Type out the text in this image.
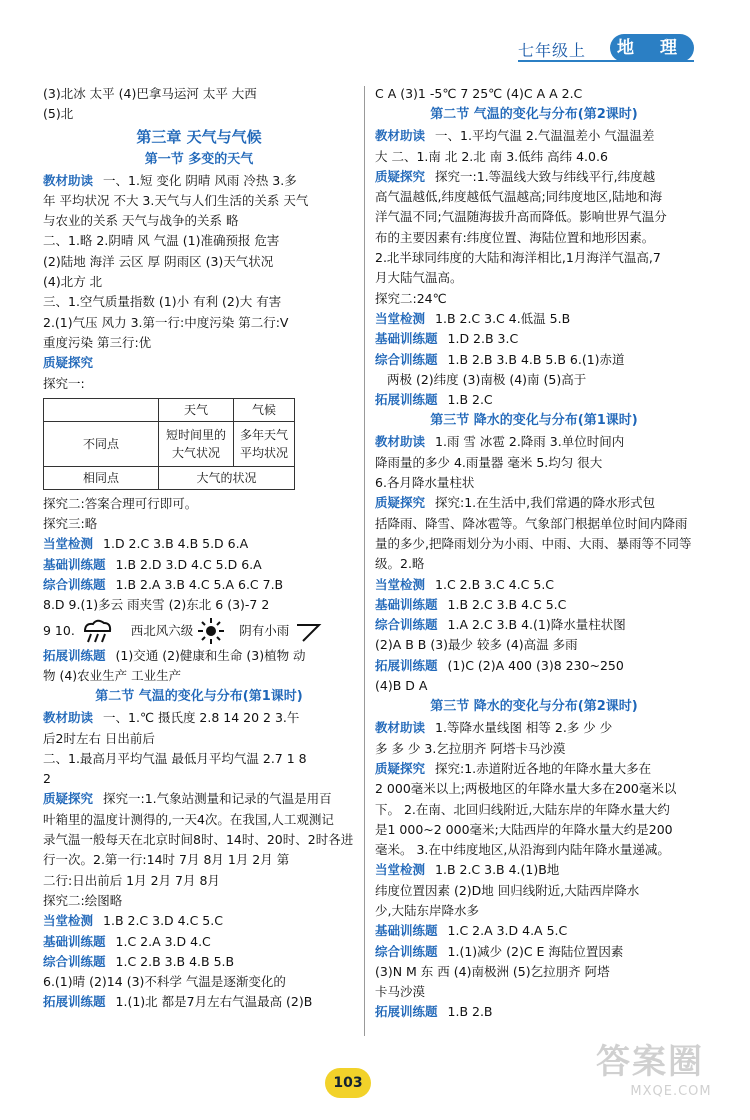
七年级上	地 理
(3)北冰 太平 (4)巴拿马运河 太平 大西
(5)北
第三章 天气与气候
第一节 多变的天气
教材助读 一、1.短 变化 阴晴 风雨 冷热 3.多
年 平均状况 不大 3.天气与人们生活的关系 天气
与农业的关系 天气与战争的关系 略
二、1.略 2.阴晴 风 气温 (1)准确预报 危害
(2)陆地 海洋 云区 厚 阴雨区 (3)天气状况
(4)北方 北
三、1.空气质量指数 (1)小 有利 (2)大 有害
2.(1)气压 风力 3.第一行:中度污染 第二行:Ⅴ
重度污染 第三行:优
质疑探究
探究一:
	天气	气候
不同点	短时间里的
大气状况	多年天气
平均状况
相同点	大气的状况	
探究二:答案合理可行即可。
探究三:略
当堂检测 1.D 2.C 3.B 4.B 5.D 6.A
基础训练题 1.B 2.D 3.D 4.C 5.D 6.A
综合训练题 1.B 2.A 3.B 4.C 5.A 6.C 7.B
8.D 9.(1)多云 雨夹雪 (2)东北 6 (3)-7 2
9 10.	西北风六级	阴有小雨
拓展训练题 (1)交通 (2)健康和生命 (3)植物 动
物 (4)农业生产 工业生产
第二节 气温的变化与分布(第1课时)
教材助读 一、1.℃ 摄氏度 2.8 14 20 2 3.午
后2时左右 日出前后
二、1.最高月平均气温 最低月平均气温 2.7 1 8
2
质疑探究 探究一:1.气象站测量和记录的气温是用百
叶箱里的温度计测得的,一天4次。在我国,人工观测记
录气温一般每天在北京时间8时、14时、20时、2时各进
行一次。2.第一行:14时 7月 8月 1月 2月 第
二行:日出前后 1月 2月 7月 8月
探究二:绘图略
当堂检测 1.B 2.C 3.D 4.C 5.C
基础训练题 1.C 2.A 3.D 4.C
综合训练题 1.C 2.B 3.B 4.B 5.B
6.(1)晴 (2)14 (3)不科学 气温是逐渐变化的
拓展训练题 1.(1)北 都是7月左右气温最高 (2)B
C A (3)1 -5℃ 7 25℃ (4)C A A 2.C
第二节 气温的变化与分布(第2课时)
教材助读 一、1.平均气温 2.气温温差小 气温温差
大 二、1.南 北 2.北 南 3.低纬 高纬 4.0.6
质疑探究 探究一:1.等温线大致与纬线平行,纬度越
高气温越低,纬度越低气温越高;同纬度地区,陆地和海
洋气温不同;气温随海拔升高而降低。影响世界气温分
布的主要因素有:纬度位置、海陆位置和地形因素。
2.北半球同纬度的大陆和海洋相比,1月海洋气温高,7
月大陆气温高。
探究二:24℃
当堂检测 1.B 2.C 3.C 4.低温 5.B
基础训练题 1.D 2.B 3.C
综合训练题 1.B 2.B 3.B 4.B 5.B 6.(1)赤道
两极 (2)纬度 (3)南极 (4)南 (5)高于
拓展训练题 1.B 2.C
第三节 降水的变化与分布(第1课时)
教材助读 1.雨 雪 冰雹 2.降雨 3.单位时间内
降雨量的多少 4.雨量器 毫米 5.均匀 很大
6.各月降水量柱状
质疑探究 探究:1.在生活中,我们常遇的降水形式包
括降雨、降雪、降冰雹等。气象部门根据单位时间内降雨
量的多少,把降雨划分为小雨、中雨、大雨、暴雨等不同等
级。2.略
当堂检测 1.C 2.B 3.C 4.C 5.C
基础训练题 1.B 2.C 3.B 4.C 5.C
综合训练题 1.A 2.C 3.B 4.(1)降水量柱状图
(2)A B B (3)最少 较多 (4)高温 多雨
拓展训练题 (1)C (2)A 400 (3)8 230~250
(4)B D A
第三节 降水的变化与分布(第2课时)
教材助读 1.等降水量线图 相等 2.多 少 少
多 多 少 3.乞拉朋齐 阿塔卡马沙漠
质疑探究 探究:1.赤道附近各地的年降水量大多在
2 000毫米以上;两极地区的年降水量大多在200毫米以
下。 2.在南、北回归线附近,大陆东岸的年降水量大约
是1 000~2 000毫米;大陆西岸的年降水量大约是200
毫米。 3.在中纬度地区,从沿海到内陆年降水量递减。
当堂检测 1.B 2.C 3.B 4.(1)B地
纬度位置因素 (2)D地 回归线附近,大陆西岸降水
少,大陆东岸降水多
基础训练题 1.C 2.A 3.D 4.A 5.C
综合训练题 1.(1)减少 (2)C E 海陆位置因素
(3)N M 东 西 (4)南极洲 (5)乞拉朋齐 阿塔
卡马沙漠
拓展训练题 1.B 2.B
103
答案圈
MXQE.COM
